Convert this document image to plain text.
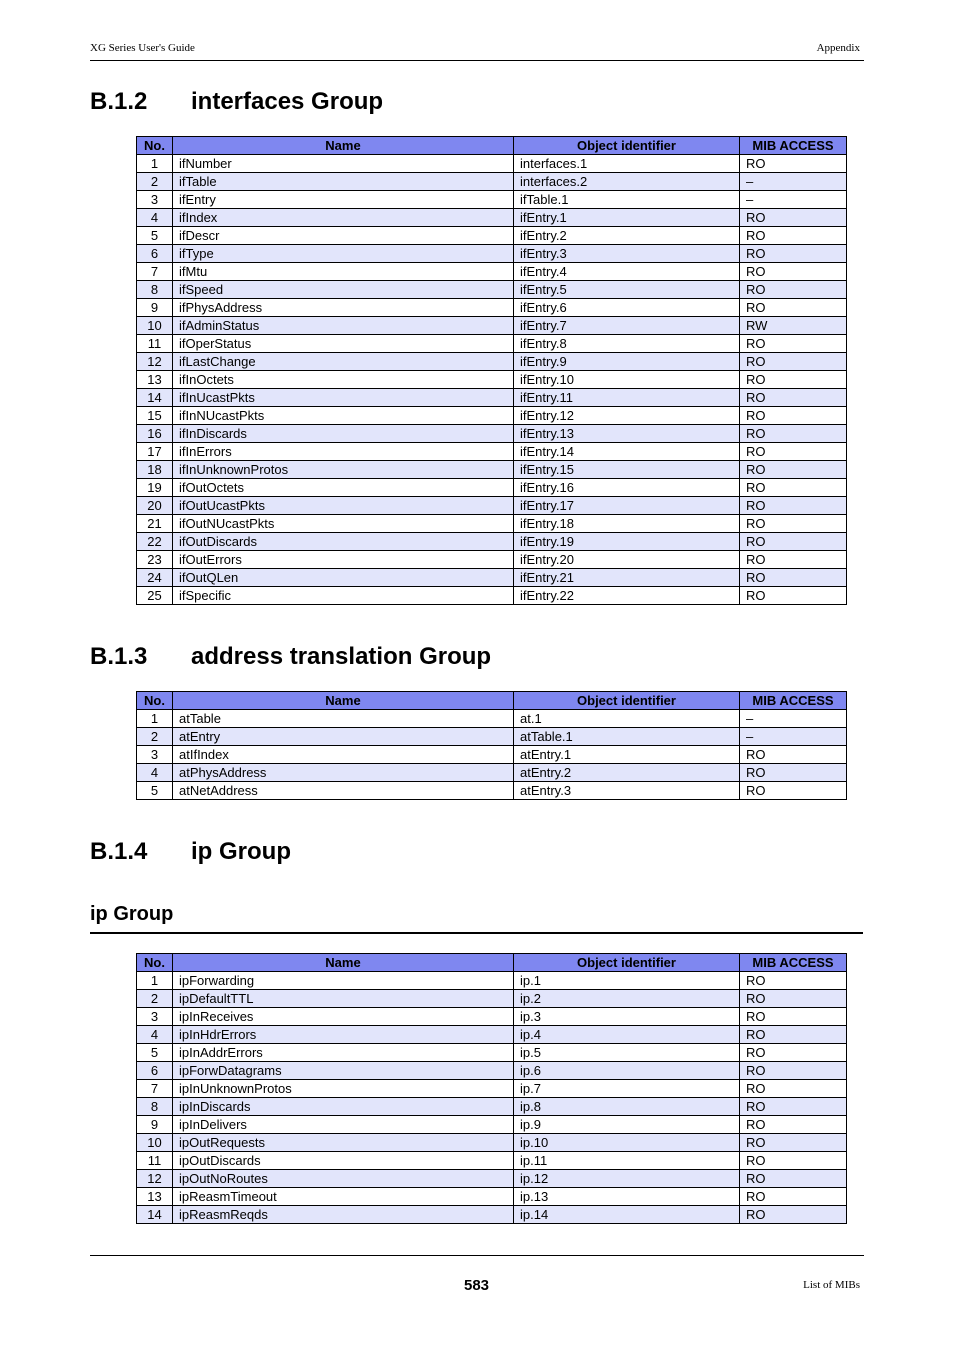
XG Series User's Guide	Appendix
B.1.2 interfaces Group
No.	Name	Object identifier	MIB ACCESS
1	ifNumber	interfaces.1	RO
2	ifTable	interfaces.2	–
3	ifEntry	ifTable.1	–
4	ifIndex	ifEntry.1	RO
5	ifDescr	ifEntry.2	RO
6	ifType	ifEntry.3	RO
7	ifMtu	ifEntry.4	RO
8	ifSpeed	ifEntry.5	RO
9	ifPhysAddress	ifEntry.6	RO
10	ifAdminStatus	ifEntry.7	RW
11	ifOperStatus	ifEntry.8	RO
12	ifLastChange	ifEntry.9	RO
13	ifInOctets	ifEntry.10	RO
14	ifInUcastPkts	ifEntry.11	RO
15	ifInNUcastPkts	ifEntry.12	RO
16	ifInDiscards	ifEntry.13	RO
17	ifInErrors	ifEntry.14	RO
18	ifInUnknownProtos	ifEntry.15	RO
19	ifOutOctets	ifEntry.16	RO
20	ifOutUcastPkts	ifEntry.17	RO
21	ifOutNUcastPkts	ifEntry.18	RO
22	ifOutDiscards	ifEntry.19	RO
23	ifOutErrors	ifEntry.20	RO
24	ifOutQLen	ifEntry.21	RO
25	ifSpecific	ifEntry.22	RO
B.1.3 address translation Group
No.	Name	Object identifier	MIB ACCESS
1	atTable	at.1	–
2	atEntry	atTable.1	–
3	atIfIndex	atEntry.1	RO
4	atPhysAddress	atEntry.2	RO
5	atNetAddress	atEntry.3	RO
B.1.4 ip Group
ip Group
No.	Name	Object identifier	MIB ACCESS
1	ipForwarding	ip.1	RO
2	ipDefaultTTL	ip.2	RO
3	ipInReceives	ip.3	RO
4	ipInHdrErrors	ip.4	RO
5	ipInAddrErrors	ip.5	RO
6	ipForwDatagrams	ip.6	RO
7	ipInUnknownProtos	ip.7	RO
8	ipInDiscards	ip.8	RO
9	ipInDelivers	ip.9	RO
10	ipOutRequests	ip.10	RO
11	ipOutDiscards	ip.11	RO
12	ipOutNoRoutes	ip.12	RO
13	ipReasmTimeout	ip.13	RO
14	ipReasmReqds	ip.14	RO
583	List of MIBs
